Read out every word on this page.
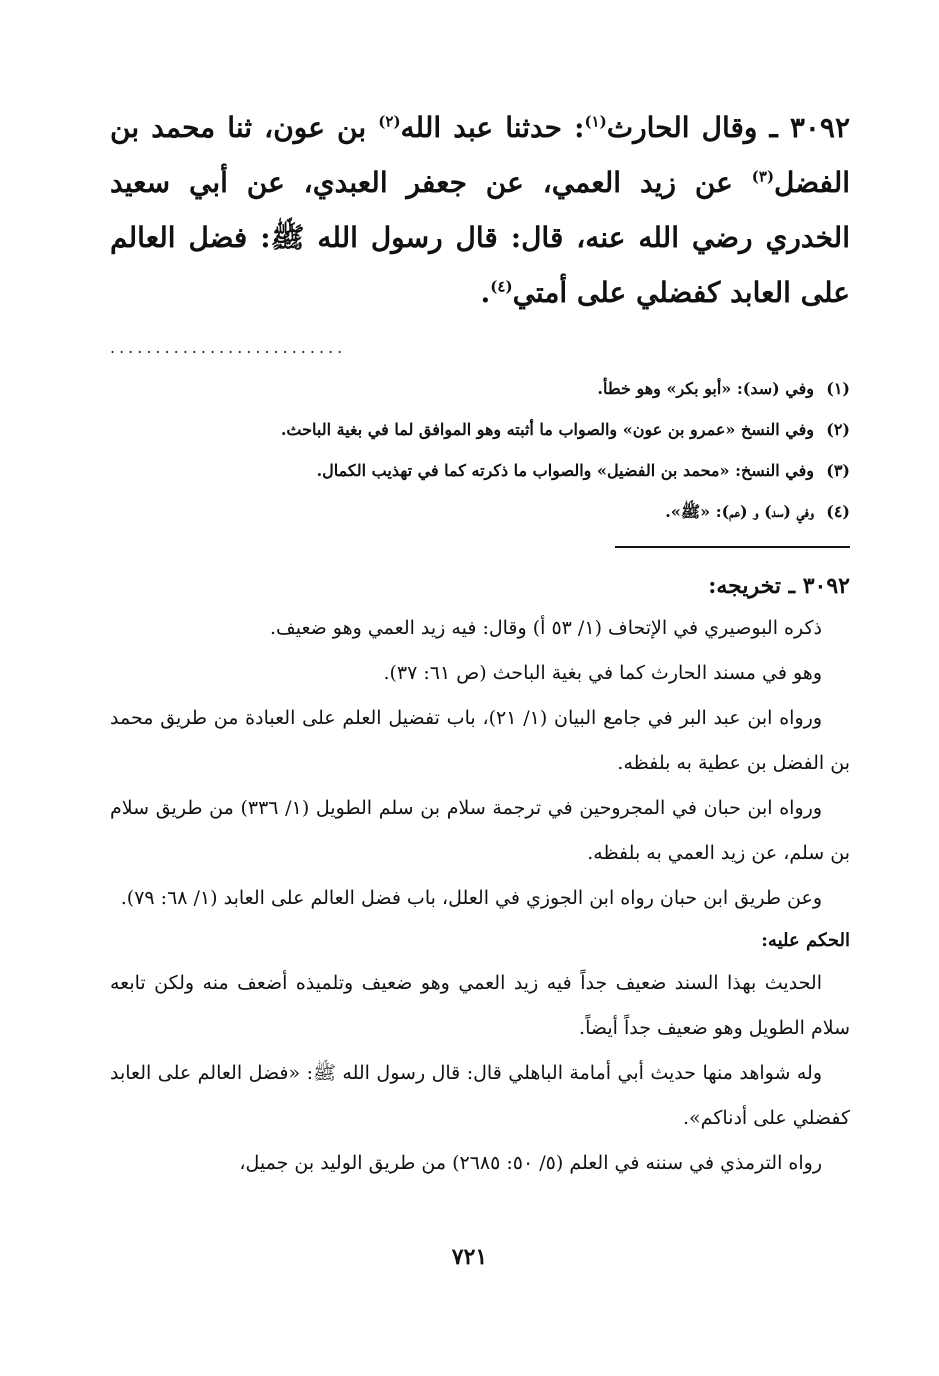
٣٠٩٢ ـ وقال الحارث$^{(١)}$: حدثنا عبد الله$^{(٢)}$ بن عون، ثنا محمد بن الفضل$^{(٣)}$ عن زيد العمي، عن جعفر العبدي، عن أبي سعيد الخدري رضي الله عنه، قال: قال رسول الله ﷺ: فضل العالم على العابد كفضلي على أمتي$^{(٤)}$.

..........................
(١)وفي (سد): «أبو بكر» وهو خطأ.
(٢)وفي النسخ «عمرو بن عون» والصواب ما أثبته وهو الموافق لما في بغية الباحث.
(٣)وفي النسخ: «محمد بن الفضيل» والصواب ما ذكرته كما في تهذيب الكمال.
(٤)وفي (سد) و (عم): «ﷺ».
٣٠٩٢ ـ تخريجه:

ذكره البوصيري في الإتحاف (١/ ٥٣ أ) وقال: فيه زيد العمي وهو ضعيف.

وهو في مسند الحارث كما في بغية الباحث (ص ٦١: ٣٧).

ورواه ابن عبد البر في جامع البيان (١/ ٢١)، باب تفضيل العلم على العبادة من طريق محمد بن الفضل بن عطية به بلفظه.

ورواه ابن حبان في المجروحين في ترجمة سلام بن سلم الطويل (١/ ٣٣٦) من طريق سلام بن سلم، عن زيد العمي به بلفظه.

وعن طريق ابن حبان رواه ابن الجوزي في العلل، باب فضل العالم على العابد (١/ ٦٨: ٧٩).

الحكم عليه:

الحديث بهذا السند ضعيف جداً فيه زيد العمي وهو ضعيف وتلميذه أضعف منه ولكن تابعه سلام الطويل وهو ضعيف جداً أيضاً.

وله شواهد منها حديث أبي أمامة الباهلي قال: قال رسول الله ﷺ: «فضل العالم على العابد كفضلي على أدناكم».

رواه الترمذي في سننه في العلم (٥/ ٥٠: ٢٦٨٥) من طريق الوليد بن جميل،

٧٢١
